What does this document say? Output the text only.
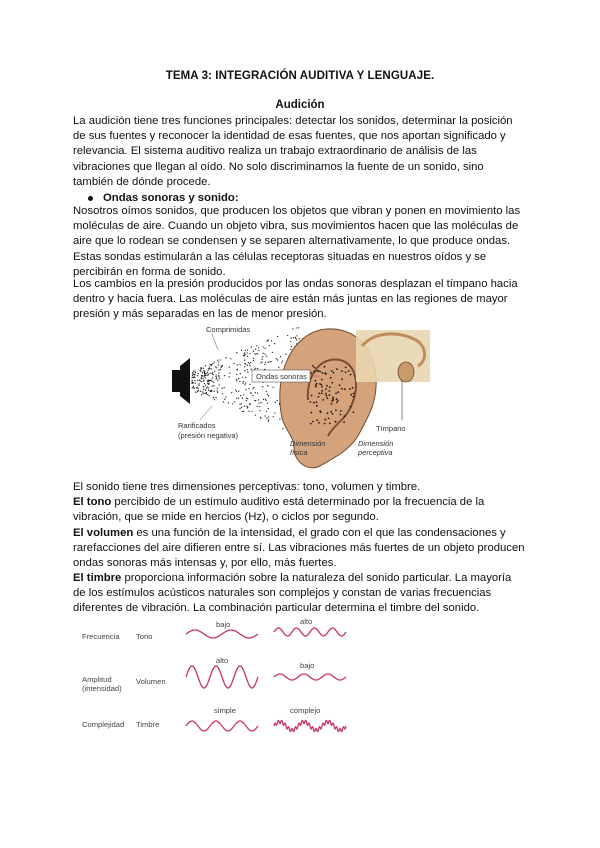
TEMA 3: INTEGRACIÓN AUDITIVA Y LENGUAJE.
Audición
La audición tiene tres funciones principales: detectar los sonidos, determinar la posición de sus fuentes y reconocer la identidad de esas fuentes, que nos aportan significado y relevancia. El sistema auditivo realiza un trabajo extraordinario de análisis de las vibraciones que llegan al oído. No solo discriminamos la fuente de un sonido, sino también de dónde procede.
Ondas sonoras y sonido:
Nosotros oímos sonidos, que producen los objetos que vibran y ponen en movimiento las moléculas de aire. Cuando un objeto vibra, sus movimientos hacen que las moléculas de aire que lo rodean se condensen y se separen alternativamente, lo que produce ondas. Estas sondas estimularán a las células receptoras situadas en nuestros oídos y se percibirán en forma de sonido.
Los cambios en la presión producidos por las ondas sonoras desplazan el tímpano hacia dentro y hacia fuera. Las moléculas de aire están más juntas en las regiones de mayor presión y más separadas en las de menor presión.
Ondas sonoras
Comprimidas
Rarificados
(presión negativa)
Dimensión
física
Dimensión
perceptiva
Tímpano
El sonido tiene tres dimensiones perceptivas: tono, volumen y timbre.
El tono percibido de un estímulo auditivo está determinado por la frecuencia de la vibración, que se mide en hercios (Hz), o ciclos por segundo.
El volumen es una función de la intensidad, el grado con el que las condensaciones y rarefacciones del aire difieren entre sí. Las vibraciones más fuertes de un objeto producen ondas sonoras más intensas y, por ello, más fuertes.
El timbre proporciona información sobre la naturaleza del sonido particular. La mayoría de los estímulos acústicos naturales son complejos y constan de varias frecuencias diferentes de vibración. La combinación particular determina el timbre del sonido.
Frecuencia Tono
Amplitud
(intensidad)
Volumen
Complejidad Timbre
bajo	alto
alto
bajo
simple	complejo
